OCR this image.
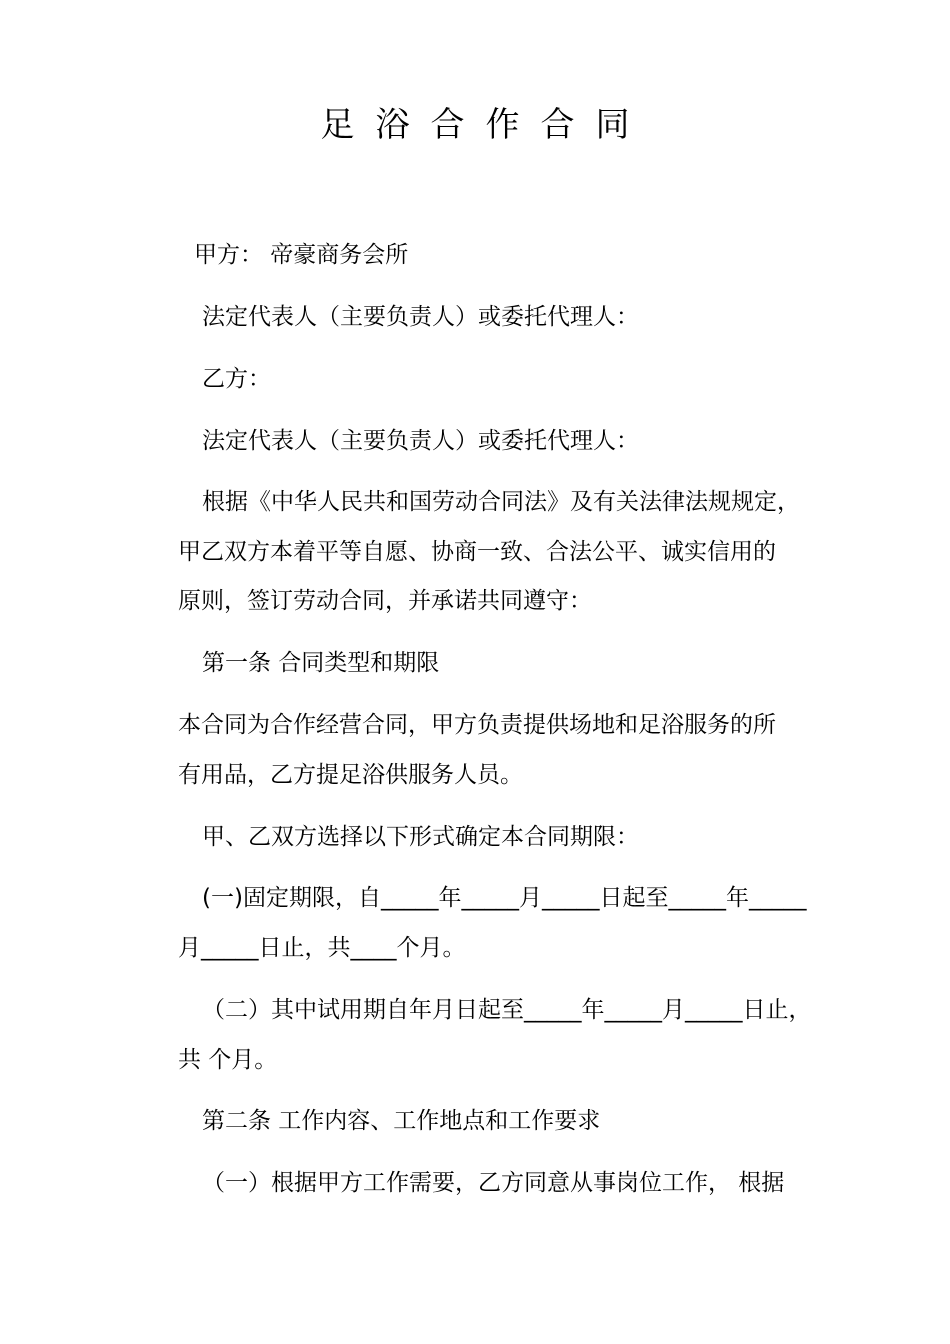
足浴合作合同
甲方： 帝豪商务会所
法定代表人（主要负责人）或委托代理人：
乙方：
法定代表人（主要负责人）或委托代理人：
根据《中华人民共和国劳动合同法》及有关法律法规规定，
甲乙双方本着平等自愿、协商一致、合法公平、诚实信用的
原则，签订劳动合同，并承诺共同遵守：
第一条 合同类型和期限
本合同为合作经营合同，甲方负责提供场地和足浴服务的所
有用品，乙方提足浴供服务人员。
甲、乙双方选择以下形式确定本合同期限：
(一)固定期限，自_____年_____月_____日起至_____年_____
月_____日止，共____个月。
（二）其中试用期自年月日起至_____年_____月_____日止，
共 个月。
第二条 工作内容、工作地点和工作要求
（一）根据甲方工作需要，乙方同意从事岗位工作， 根据
